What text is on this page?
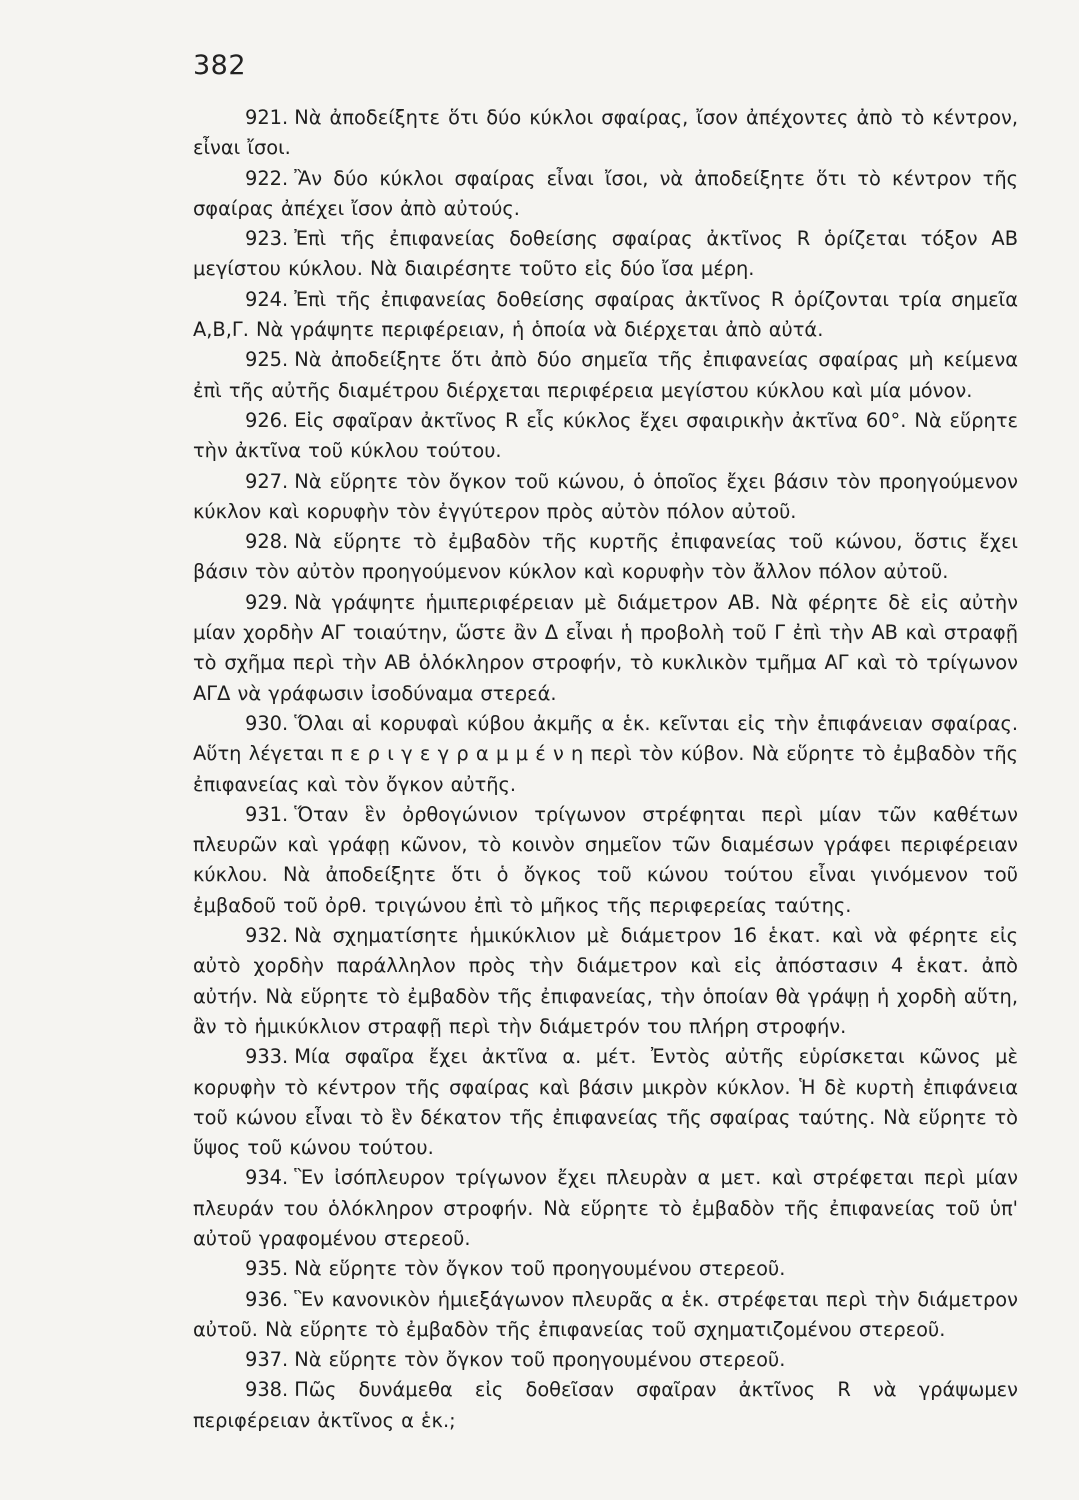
382

921. Νὰ ἀποδείξητε ὅτι δύο κύκλοι σφαίρας, ἴσον ἀπέχοντες ἀπὸ τὸ κέντρον, εἶναι ἴσοι.

922. Ἂν δύο κύκλοι σφαίρας εἶναι ἴσοι, νὰ ἀποδείξητε ὅτι τὸ κέντρον τῆς σφαίρας ἀπέχει ἴσον ἀπὸ αὐτούς.

923. Ἐπὶ τῆς ἐπιφανείας δοθείσης σφαίρας ἀκτῖνος R ὁρίζεται τόξον AB μεγίστου κύκλου. Νὰ διαιρέσητε τοῦτο εἰς δύο ἴσα μέρη.

924. Ἐπὶ τῆς ἐπιφανείας δοθείσης σφαίρας ἀκτῖνος R ὁρίζονται τρία σημεῖα A,B,Γ. Νὰ γράψητε περιφέρειαν, ἡ ὁποία νὰ διέρχεται ἀπὸ αὐτά.

925. Νὰ ἀποδείξητε ὅτι ἀπὸ δύο σημεῖα τῆς ἐπιφανείας σφαίρας μὴ κείμενα ἐπὶ τῆς αὐτῆς διαμέτρου διέρχεται περιφέρεια μεγίστου κύκλου καὶ μία μόνον.

926. Εἰς σφαῖραν ἀκτῖνος R εἷς κύκλος ἔχει σφαιρικὴν ἀκτῖνα 60°. Νὰ εὕρητε τὴν ἀκτῖνα τοῦ κύκλου τούτου.

927. Νὰ εὕρητε τὸν ὄγκον τοῦ κώνου, ὁ ὁποῖος ἔχει βάσιν τὸν προηγούμενον κύκλον καὶ κορυφὴν τὸν ἐγγύτερον πρὸς αὐτὸν πόλον αὐτοῦ.

928. Νὰ εὕρητε τὸ ἐμβαδὸν τῆς κυρτῆς ἐπιφανείας τοῦ κώνου, ὅστις ἔχει βάσιν τὸν αὐτὸν προηγούμενον κύκλον καὶ κορυφὴν τὸν ἄλλον πόλον αὐτοῦ.

929. Νὰ γράψητε ἡμιπεριφέρειαν μὲ διάμετρον AB. Νὰ φέρητε δὲ εἰς αὐτὴν μίαν χορδὴν AΓ τοιαύτην, ὥστε ἂν Δ εἶναι ἡ προβολὴ τοῦ Γ ἐπὶ τὴν AB καὶ στραφῇ τὸ σχῆμα περὶ τὴν AB ὁλόκληρον στροφήν, τὸ κυκλικὸν τμῆμα AΓ καὶ τὸ τρίγωνον AΓΔ νὰ γράφωσιν ἰσοδύναμα στερεά.

930. Ὅλαι αἱ κορυφαὶ κύβου ἀκμῆς α ἑκ. κεῖνται εἰς τὴν ἐπιφάνειαν σφαίρας. Αὕτη λέγεται π ε ρ ι γ ε γ ρ α μ μ έ ν η περὶ τὸν κύβον. Νὰ εὕρητε τὸ ἐμβαδὸν τῆς ἐπιφανείας καὶ τὸν ὄγκον αὐτῆς.

931. Ὅταν ἓν ὀρθογώνιον τρίγωνον στρέφηται περὶ μίαν τῶν καθέτων πλευρῶν καὶ γράφῃ κῶνον, τὸ κοινὸν σημεῖον τῶν διαμέσων γράφει περιφέρειαν κύκλου. Νὰ ἀποδείξητε ὅτι ὁ ὄγκος τοῦ κώνου τούτου εἶναι γινόμενον τοῦ ἐμβαδοῦ τοῦ ὀρθ. τριγώνου ἐπὶ τὸ μῆκος τῆς περιφερείας ταύτης.

932. Νὰ σχηματίσητε ἡμικύκλιον μὲ διάμετρον 16 ἑκατ. καὶ νὰ φέρητε εἰς αὐτὸ χορδὴν παράλληλον πρὸς τὴν διάμετρον καὶ εἰς ἀπόστασιν 4 ἑκατ. ἀπὸ αὐτήν. Νὰ εὕρητε τὸ ἐμβαδὸν τῆς ἐπιφανείας, τὴν ὁποίαν θὰ γράψῃ ἡ χορδὴ αὕτη, ἂν τὸ ἡμικύκλιον στραφῇ περὶ τὴν διάμετρόν του πλήρη στροφήν.

933. Μία σφαῖρα ἔχει ἀκτῖνα α. μέτ. Ἐντὸς αὐτῆς εὑρίσκεται κῶνος μὲ κορυφὴν τὸ κέντρον τῆς σφαίρας καὶ βάσιν μικρὸν κύκλον. Ἡ δὲ κυρτὴ ἐπιφάνεια τοῦ κώνου εἶναι τὸ ἓν δέκατον τῆς ἐπιφανείας τῆς σφαίρας ταύτης. Νὰ εὕρητε τὸ ὕψος τοῦ κώνου τούτου.

934. Ἓν ἰσόπλευρον τρίγωνον ἔχει πλευρὰν α μετ. καὶ στρέφεται περὶ μίαν πλευράν του ὁλόκληρον στροφήν. Νὰ εὕρητε τὸ ἐμβαδὸν τῆς ἐπιφανείας τοῦ ὑπ' αὐτοῦ γραφομένου στερεοῦ.

935. Νὰ εὕρητε τὸν ὄγκον τοῦ προηγουμένου στερεοῦ.

936. Ἓν κανονικὸν ἡμιεξάγωνον πλευρᾶς α ἑκ. στρέφεται περὶ τὴν διάμετρον αὐτοῦ. Νὰ εὕρητε τὸ ἐμβαδὸν τῆς ἐπιφανείας τοῦ σχηματιζομένου στερεοῦ.

937. Νὰ εὕρητε τὸν ὄγκον τοῦ προηγουμένου στερεοῦ.

938. Πῶς δυνάμεθα εἰς δοθεῖσαν σφαῖραν ἀκτῖνος R νὰ γράψωμεν περιφέρειαν ἀκτῖνος α ἑκ.;
